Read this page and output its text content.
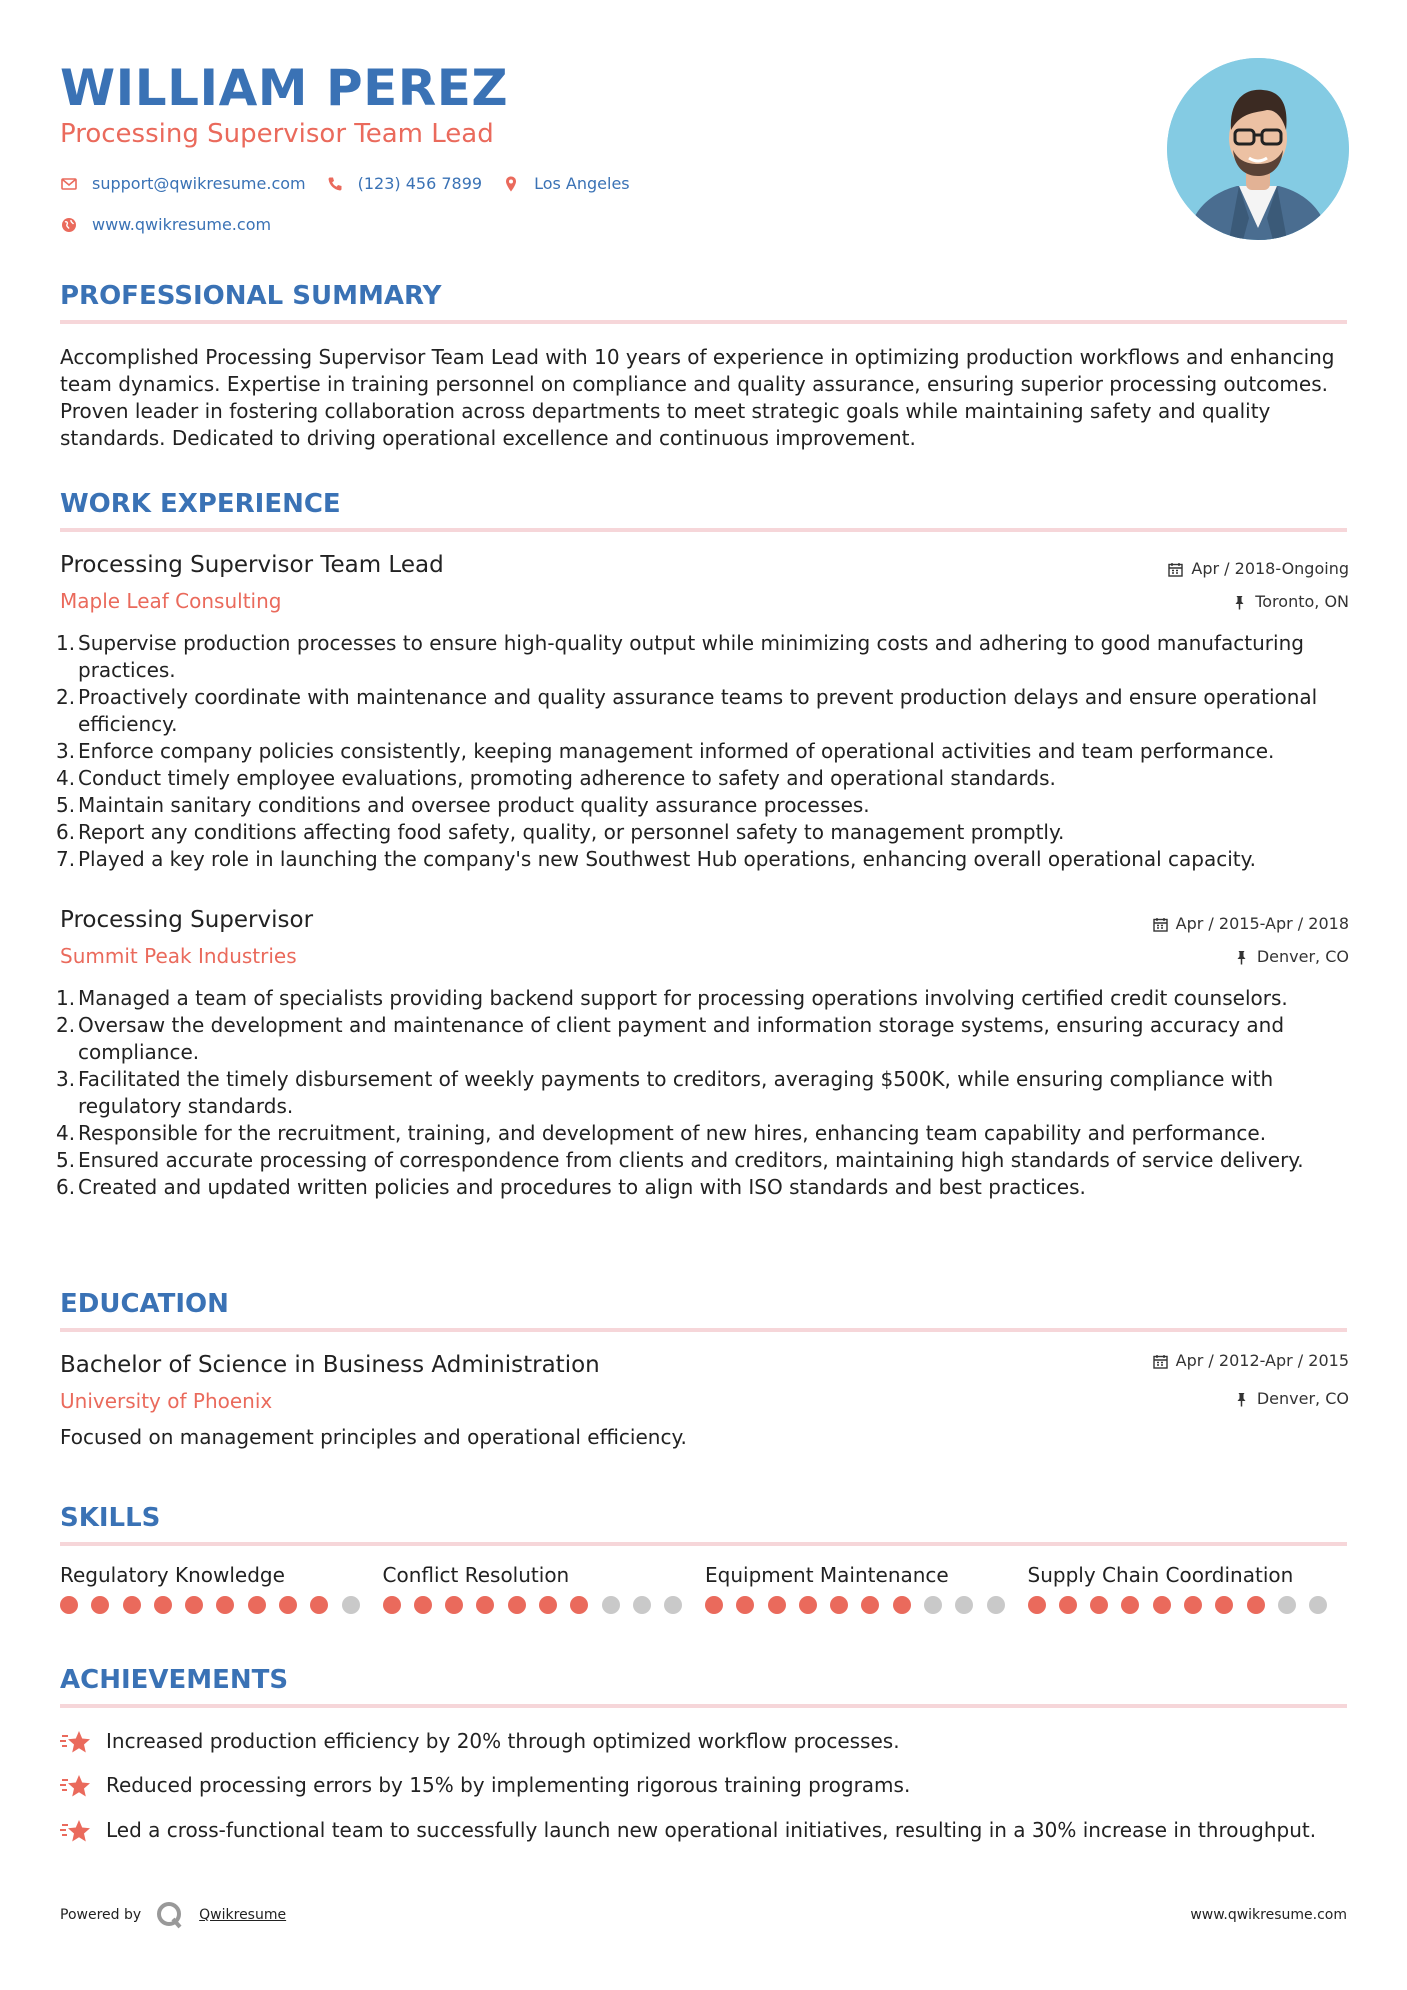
WILLIAM PEREZ
Processing Supervisor Team Lead
support@qwikresume.com	(123) 456 7899	Los Angeles
www.qwikresume.com
PROFESSIONAL SUMMARY
Accomplished Processing Supervisor Team Lead with 10 years of experience in optimizing production workflows and enhancing team dynamics. Expertise in training personnel on compliance and quality assurance, ensuring superior processing outcomes. Proven leader in fostering collaboration across departments to meet strategic goals while maintaining safety and quality standards. Dedicated to driving operational excellence and continuous improvement.
WORK EXPERIENCE
Processing Supervisor Team Lead	Apr / 2018-Ongoing
Maple Leaf Consulting	Toronto, ON
Supervise production processes to ensure high-quality output while minimizing costs and adhering to good manufacturing practices.
Proactively coordinate with maintenance and quality assurance teams to prevent production delays and ensure operational efficiency.
Enforce company policies consistently, keeping management informed of operational activities and team performance.
Conduct timely employee evaluations, promoting adherence to safety and operational standards.
Maintain sanitary conditions and oversee product quality assurance processes.
Report any conditions affecting food safety, quality, or personnel safety to management promptly.
Played a key role in launching the company's new Southwest Hub operations, enhancing overall operational capacity.
Processing Supervisor	Apr / 2015-Apr / 2018
Summit Peak Industries	Denver, CO
Managed a team of specialists providing backend support for processing operations involving certified credit counselors.
Oversaw the development and maintenance of client payment and information storage systems, ensuring accuracy and compliance.
Facilitated the timely disbursement of weekly payments to creditors, averaging $500K, while ensuring compliance with regulatory standards.
Responsible for the recruitment, training, and development of new hires, enhancing team capability and performance.
Ensured accurate processing of correspondence from clients and creditors, maintaining high standards of service delivery.
Created and updated written policies and procedures to align with ISO standards and best practices.
EDUCATION
Bachelor of Science in Business Administration	Apr / 2012-Apr / 2015
University of Phoenix	Denver, CO
Focused on management principles and operational efficiency.
SKILLS
Regulatory Knowledge	Conflict Resolution	Equipment Maintenance	Supply Chain Coordination
ACHIEVEMENTS
Increased production efficiency by 20% through optimized workflow processes.
Reduced processing errors by 15% by implementing rigorous training programs.
Led a cross-functional team to successfully launch new operational initiatives, resulting in a 30% increase in throughput.
Powered by	Qwikresume	www.qwikresume.com
